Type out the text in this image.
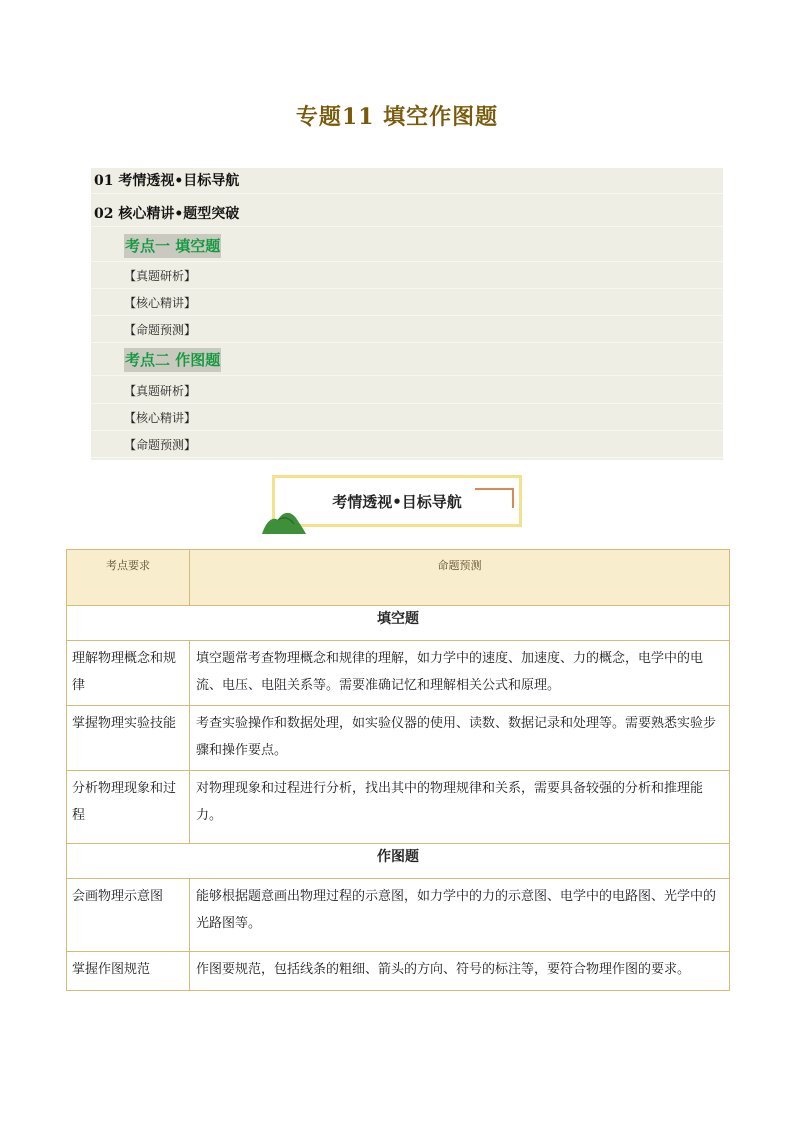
专题11 填空作图题
01 考情透视•目标导航
02 核心精讲•题型突破
考点一 填空题
【真题研析】
【核心精讲】
【命题预测】
考点二 作图题
【真题研析】
【核心精讲】
【命题预测】
考情透视•目标导航
考点要求	命题预测
填空题	
理解物理概念和规律	填空题常考查物理概念和规律的理解，如力学中的速度、加速度、力的概念，电学中的电流、电压、电阻关系等。需要准确记忆和理解相关公式和原理。
掌握物理实验技能	考查实验操作和数据处理，如实验仪器的使用、读数、数据记录和处理等。需要熟悉实验步骤和操作要点。
分析物理现象和过程	对物理现象和过程进行分析，找出其中的物理规律和关系，需要具备较强的分析和推理能力。
作图题	
会画物理示意图	能够根据题意画出物理过程的示意图，如力学中的力的示意图、电学中的电路图、光学中的光路图等。
掌握作图规范	作图要规范，包括线条的粗细、箭头的方向、符号的标注等，要符合物理作图的要求。
